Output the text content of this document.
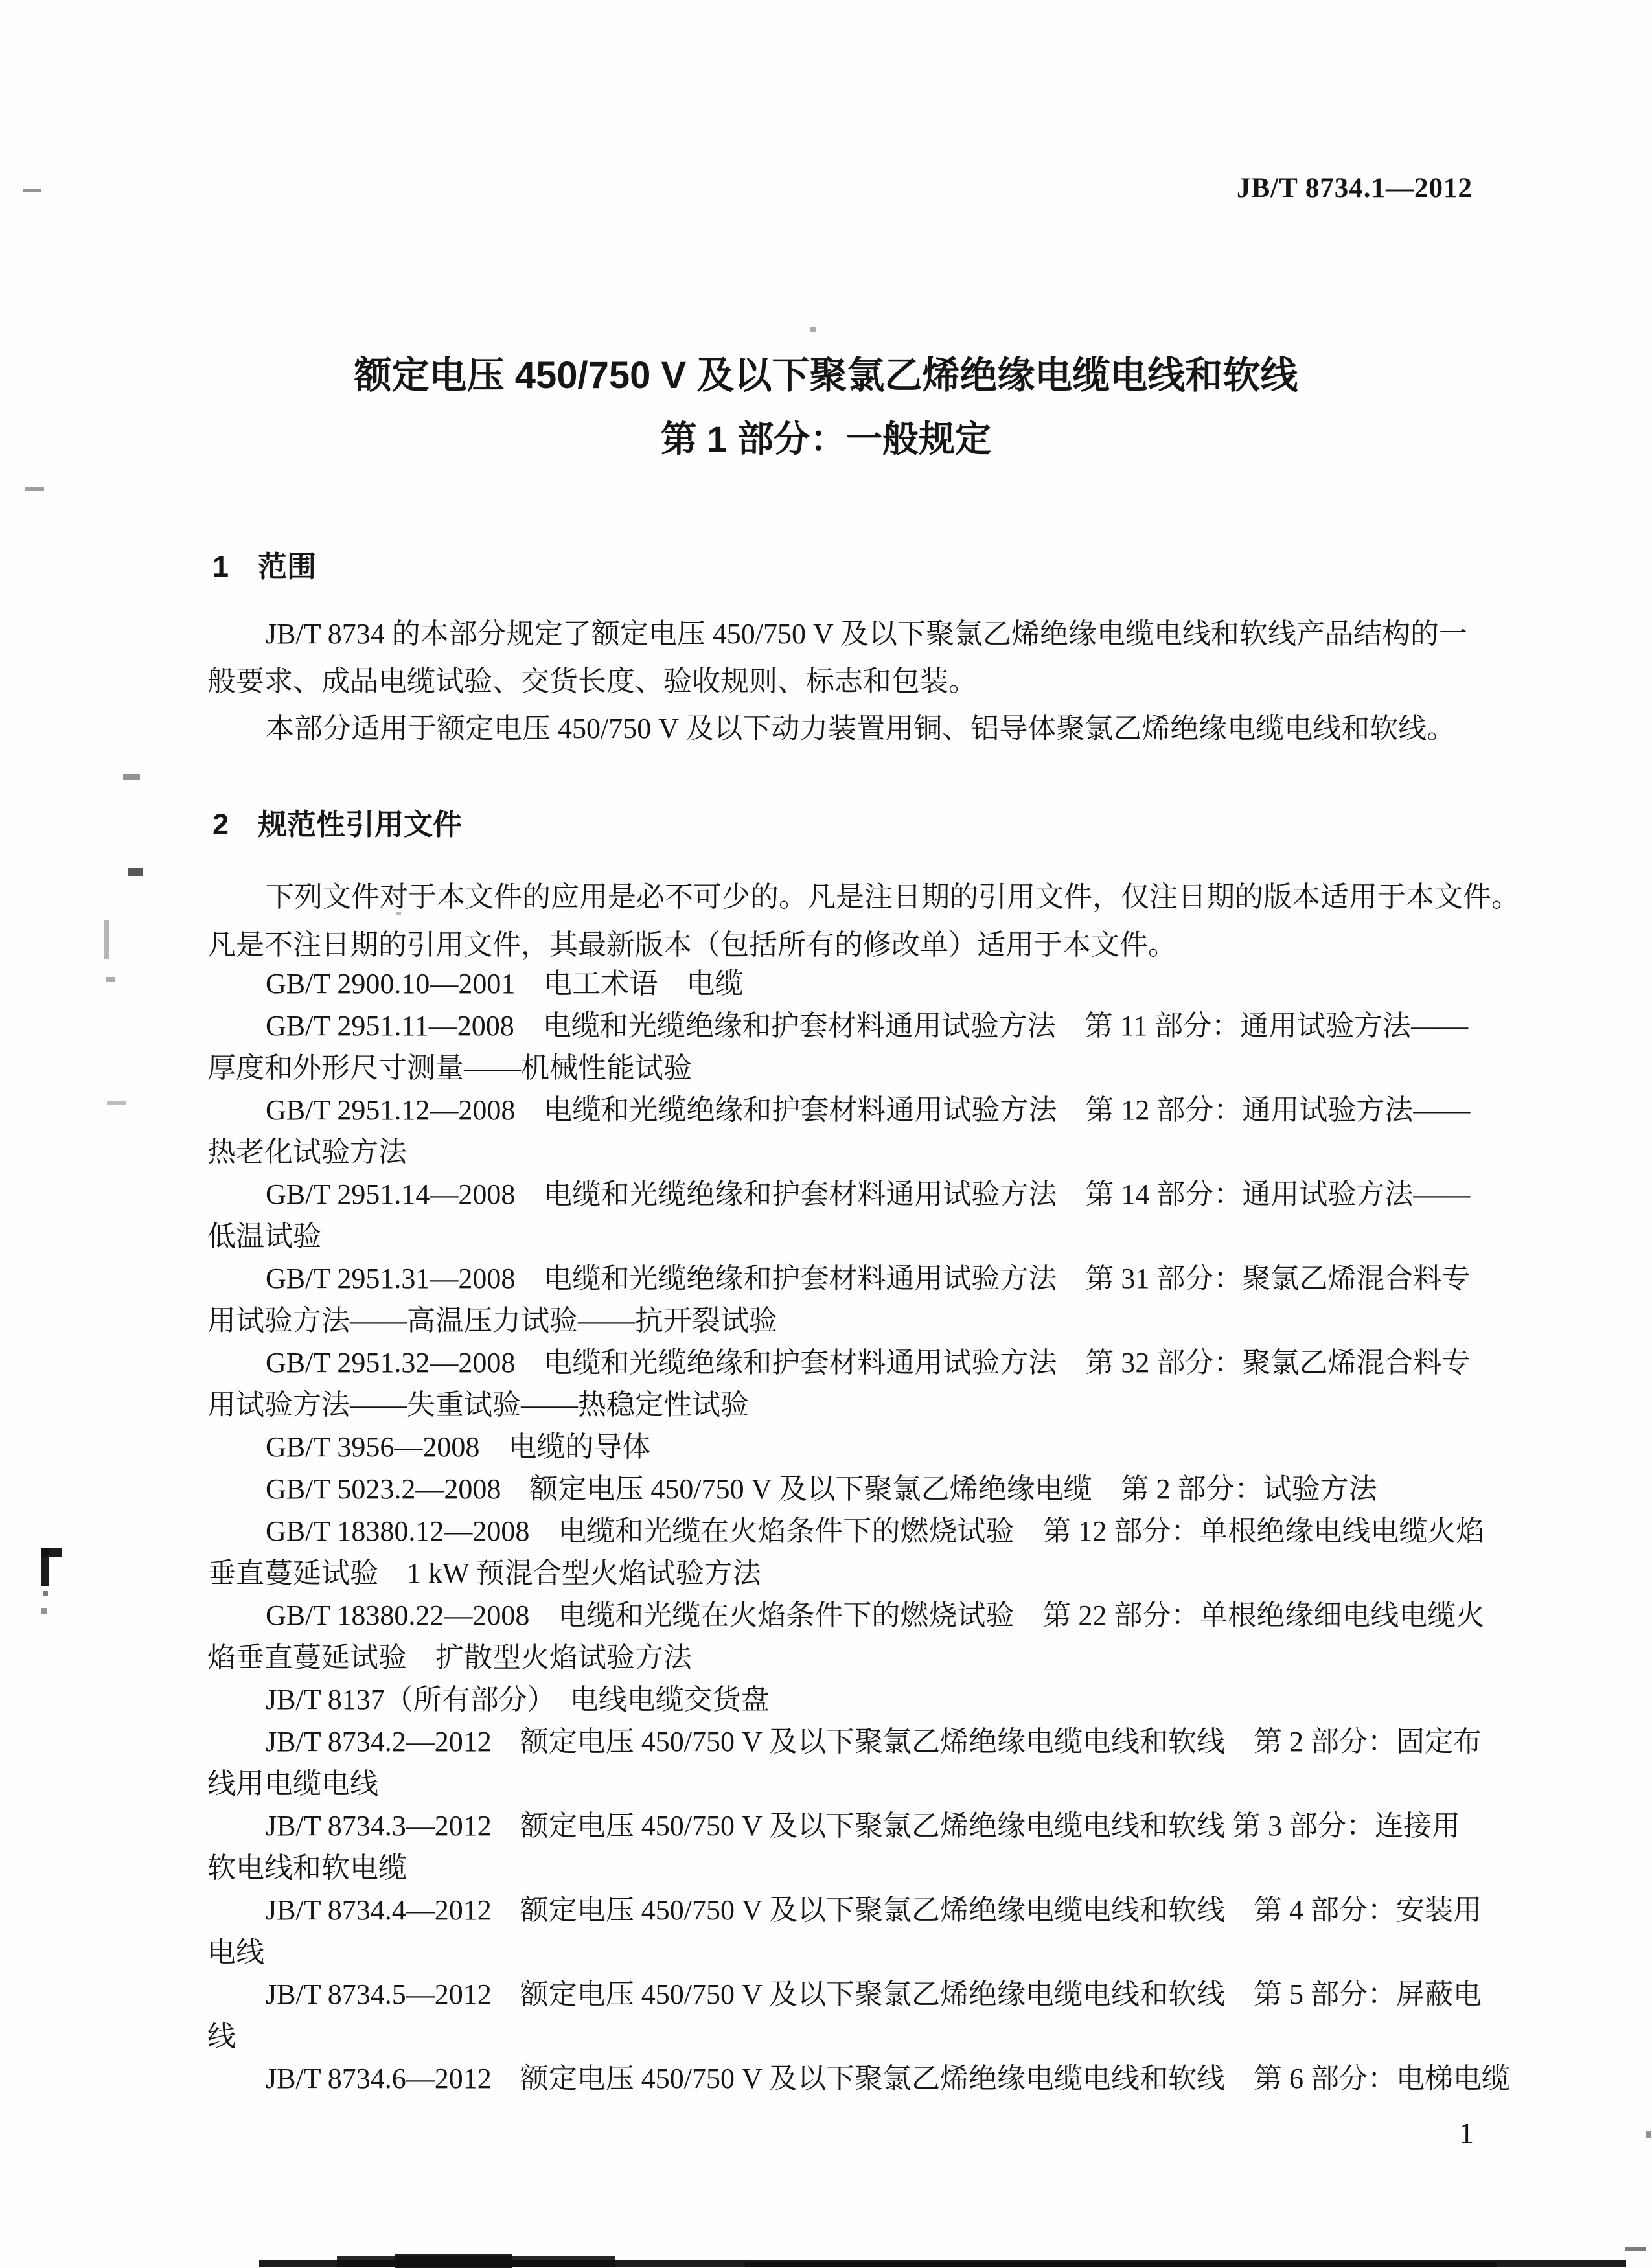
JB/T 8734.1—2012
额定电压 450/750 V 及以下聚氯乙烯绝缘电缆电线和软线
第 1 部分：一般规定
1　范围
JB/T 8734 的本部分规定了额定电压 450/750 V 及以下聚氯乙烯绝缘电缆电线和软线产品结构的一
般要求、成品电缆试验、交货长度、验收规则、标志和包装。
本部分适用于额定电压 450/750 V 及以下动力装置用铜、铝导体聚氯乙烯绝缘电缆电线和软线。
2　规范性引用文件
下列文件对于本文件的应用是必不可少的。凡是注日期的引用文件，仅注日期的版本适用于本文件。
凡是不注日期的引用文件，其最新版本（包括所有的修改单）适用于本文件。
GB/T 2900.10—2001　电工术语　电缆
GB/T 2951.11—2008　电缆和光缆绝缘和护套材料通用试验方法　第 11 部分：通用试验方法——
厚度和外形尺寸测量——机械性能试验
GB/T 2951.12—2008　电缆和光缆绝缘和护套材料通用试验方法　第 12 部分：通用试验方法——
热老化试验方法
GB/T 2951.14—2008　电缆和光缆绝缘和护套材料通用试验方法　第 14 部分：通用试验方法——
低温试验
GB/T 2951.31—2008　电缆和光缆绝缘和护套材料通用试验方法　第 31 部分：聚氯乙烯混合料专
用试验方法——高温压力试验——抗开裂试验
GB/T 2951.32—2008　电缆和光缆绝缘和护套材料通用试验方法　第 32 部分：聚氯乙烯混合料专
用试验方法——失重试验——热稳定性试验
GB/T 3956—2008　电缆的导体
GB/T 5023.2—2008　额定电压 450/750 V 及以下聚氯乙烯绝缘电缆　第 2 部分：试验方法
GB/T 18380.12—2008　电缆和光缆在火焰条件下的燃烧试验　第 12 部分：单根绝缘电线电缆火焰
垂直蔓延试验　1 kW 预混合型火焰试验方法
GB/T 18380.22—2008　电缆和光缆在火焰条件下的燃烧试验　第 22 部分：单根绝缘细电线电缆火
焰垂直蔓延试验　扩散型火焰试验方法
JB/T 8137（所有部分）　电线电缆交货盘
JB/T 8734.2—2012　额定电压 450/750 V 及以下聚氯乙烯绝缘电缆电线和软线　第 2 部分：固定布
线用电缆电线
JB/T 8734.3—2012　额定电压 450/750 V 及以下聚氯乙烯绝缘电缆电线和软线 第 3 部分：连接用
软电线和软电缆
JB/T 8734.4—2012　额定电压 450/750 V 及以下聚氯乙烯绝缘电缆电线和软线　第 4 部分：安装用
电线
JB/T 8734.5—2012　额定电压 450/750 V 及以下聚氯乙烯绝缘电缆电线和软线　第 5 部分：屏蔽电
线
JB/T 8734.6—2012　额定电压 450/750 V 及以下聚氯乙烯绝缘电缆电线和软线　第 6 部分：电梯电缆
1
